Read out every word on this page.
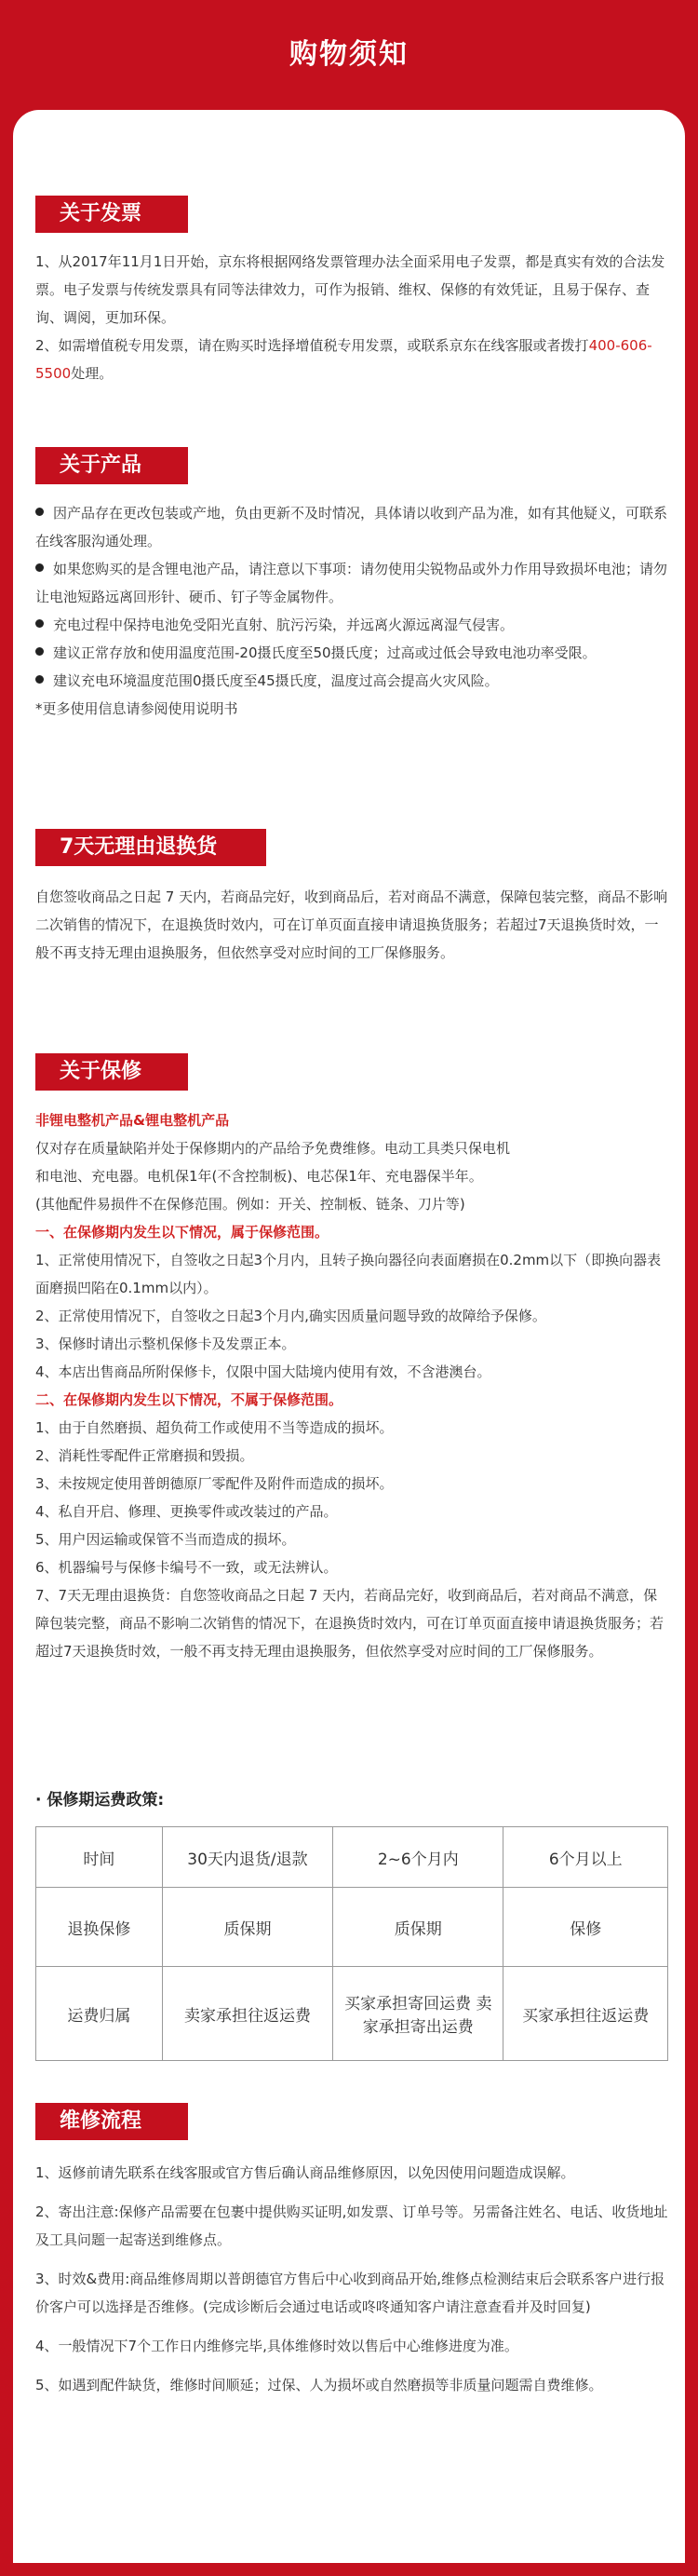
购物须知
关于发票

1、从2017年11月1日开始，京东将根据网络发票管理办法全面采用电子发票，都是真实有效的合法发票。电子发票与传统发票具有同等法律效力，可作为报销、维权、保修的有效凭证，且易于保存、查询、调阅，更加环保。

2、如需增值税专用发票，请在购买时选择增值税专用发票，或联系京东在线客服或者拨打400-606-5500处理。

关于产品

因产品存在更改包装或产地，负由更新不及时情况，具体请以收到产品为准，如有其他疑义，可联系在线客服沟通处理。

如果您购买的是含锂电池产品，请注意以下事项：请勿使用尖锐物品或外力作用导致损坏电池；请勿让电池短路远离回形针、硬币、钉子等金属物件。

充电过程中保持电池免受阳光直射、肮污污染，并远离火源远离湿气侵害。

建议正常存放和使用温度范围-20摄氏度至50摄氏度；过高或过低会导致电池功率受限。

建议充电环境温度范围0摄氏度至45摄氏度，温度过高会提高火灾风险。

*更多使用信息请参阅使用说明书

7天无理由退换货

自您签收商品之日起 7 天内，若商品完好，收到商品后，若对商品不满意，保障包装完整，商品不影响二次销售的情况下，在退换货时效内，可在订单页面直接申请退换货服务；若超过7天退换货时效，一般不再支持无理由退换服务，但依然享受对应时间的工厂保修服务。

关于保修

非锂电整机产品&锂电整机产品

仅对存在质量缺陷并处于保修期内的产品给予免费维修。电动工具类只保电机

和电池、充电器。电机保1年(不含控制板)、电芯保1年、充电器保半年。

(其他配件易损件不在保修范围。例如：开关、控制板、链条、刀片等)

一、在保修期内发生以下情况，属于保修范围。

1、正常使用情况下，自签收之日起3个月内，且转子换向器径向表面磨损在0.2mm以下（即换向器表面磨损凹陷在0.1mm以内）。

2、正常使用情况下，自签收之日起3个月内,确实因质量问题导致的故障给予保修。

3、保修时请出示整机保修卡及发票正本。

4、本店出售商品所附保修卡，仅限中国大陆境内使用有效，不含港澳台。

二、在保修期内发生以下情况，不属于保修范围。

1、由于自然磨损、超负荷工作或使用不当等造成的损坏。

2、消耗性零配件正常磨损和毁损。

3、未按规定使用普朗德原厂零配件及附件而造成的损坏。

4、私自开启、修理、更换零件或改装过的产品。

5、用户因运输或保管不当而造成的损坏。

6、机器编号与保修卡编号不一致，或无法辨认。

7、7天无理由退换货：自您签收商品之日起 7 天内，若商品完好，收到商品后，若对商品不满意，保障包装完整，商品不影响二次销售的情况下，在退换货时效内，可在订单页面直接申请退换货服务；若超过7天退换货时效，一般不再支持无理由退换服务，但依然享受对应时间的工厂保修服务。

· 保修期运费政策:
时间	30天内退货/退款	2~6个月内	6个月以上
退换保修	质保期	质保期	保修
运费归属	卖家承担往返运费	买家承担寄回运费 卖家承担寄出运费	买家承担往返运费
维修流程

1、返修前请先联系在线客服或官方售后确认商品维修原因，以免因使用问题造成误解。

2、寄出注意:保修产品需要在包裹中提供购买证明,如发票、订单号等。另需备注姓名、电话、收货地址及工具问题一起寄送到维修点。

3、时效&费用:商品维修周期以普朗德官方售后中心收到商品开始,维修点检测结束后会联系客户进行报价客户可以选择是否维修。(完成诊断后会通过电话或咚咚通知客户请注意查看并及时回复)

4、一般情况下7个工作日内维修完毕,具体维修时效以售后中心维修进度为准。

5、如遇到配件缺货，维修时间顺延；过保、人为损坏或自然磨损等非质量问题需自费维修。
